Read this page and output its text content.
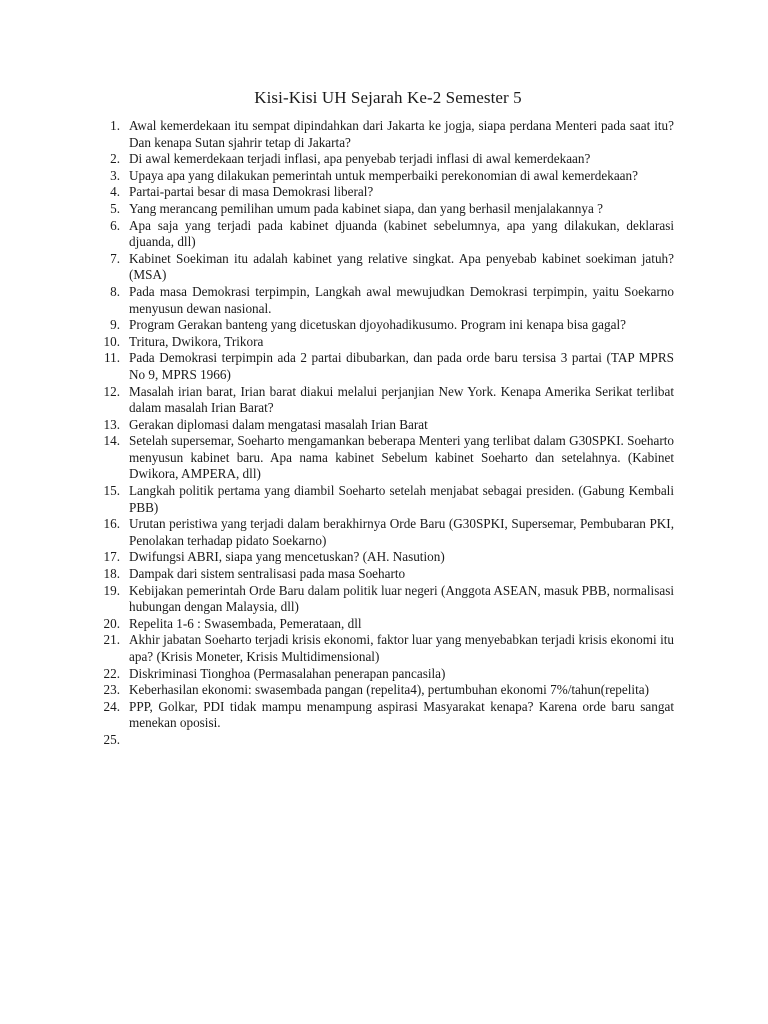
Kisi-Kisi UH Sejarah Ke-2 Semester 5
1. Awal kemerdekaan itu sempat dipindahkan dari Jakarta ke jogja, siapa perdana Menteri pada saat itu? Dan kenapa Sutan sjahrir tetap di Jakarta?
2. Di awal kemerdekaan terjadi inflasi, apa penyebab terjadi inflasi di awal kemerdekaan?
3. Upaya apa yang dilakukan pemerintah untuk memperbaiki perekonomian di awal kemerdekaan?
4. Partai-partai besar di masa Demokrasi liberal?
5. Yang merancang pemilihan umum pada kabinet siapa, dan yang berhasil menjalakannya ?
6. Apa saja yang terjadi pada kabinet djuanda (kabinet sebelumnya, apa yang dilakukan, deklarasi djuanda, dll)
7. Kabinet Soekiman itu adalah kabinet yang relative singkat. Apa penyebab kabinet soekiman jatuh? (MSA)
8. Pada masa Demokrasi terpimpin, Langkah awal mewujudkan Demokrasi terpimpin, yaitu Soekarno menyusun dewan nasional.
9. Program Gerakan banteng yang dicetuskan djoyohadikusumo. Program ini kenapa bisa gagal?
10. Tritura, Dwikora, Trikora
11. Pada Demokrasi terpimpin ada 2 partai dibubarkan, dan pada orde baru tersisa 3 partai (TAP MPRS No 9, MPRS 1966)
12. Masalah irian barat, Irian barat diakui melalui perjanjian New York. Kenapa Amerika Serikat terlibat dalam masalah Irian Barat?
13. Gerakan diplomasi dalam mengatasi masalah Irian Barat
14. Setelah supersemar, Soeharto mengamankan beberapa Menteri yang terlibat dalam G30SPKI. Soeharto menyusun kabinet baru. Apa nama kabinet Sebelum kabinet Soeharto dan setelahnya. (Kabinet Dwikora, AMPERA, dll)
15. Langkah politik pertama yang diambil Soeharto setelah menjabat sebagai presiden. (Gabung Kembali PBB)
16. Urutan peristiwa yang terjadi dalam berakhirnya Orde Baru (G30SPKI, Supersemar, Pembubaran PKI, Penolakan terhadap pidato Soekarno)
17. Dwifungsi ABRI, siapa yang mencetuskan? (AH. Nasution)
18. Dampak dari sistem sentralisasi pada masa Soeharto
19. Kebijakan pemerintah Orde Baru dalam politik luar negeri (Anggota ASEAN, masuk PBB, normalisasi hubungan dengan Malaysia, dll)
20. Repelita 1-6 : Swasembada, Pemerataan, dll
21. Akhir jabatan Soeharto terjadi krisis ekonomi, faktor luar yang menyebabkan terjadi krisis ekonomi itu apa? (Krisis Moneter, Krisis Multidimensional)
22. Diskriminasi Tionghoa (Permasalahan penerapan pancasila)
23. Keberhasilan ekonomi: swasembada pangan (repelita4), pertumbuhan ekonomi 7%/tahun(repelita)
24. PPP, Golkar, PDI tidak mampu menampung aspirasi Masyarakat kenapa? Karena orde baru sangat menekan oposisi.
25.
